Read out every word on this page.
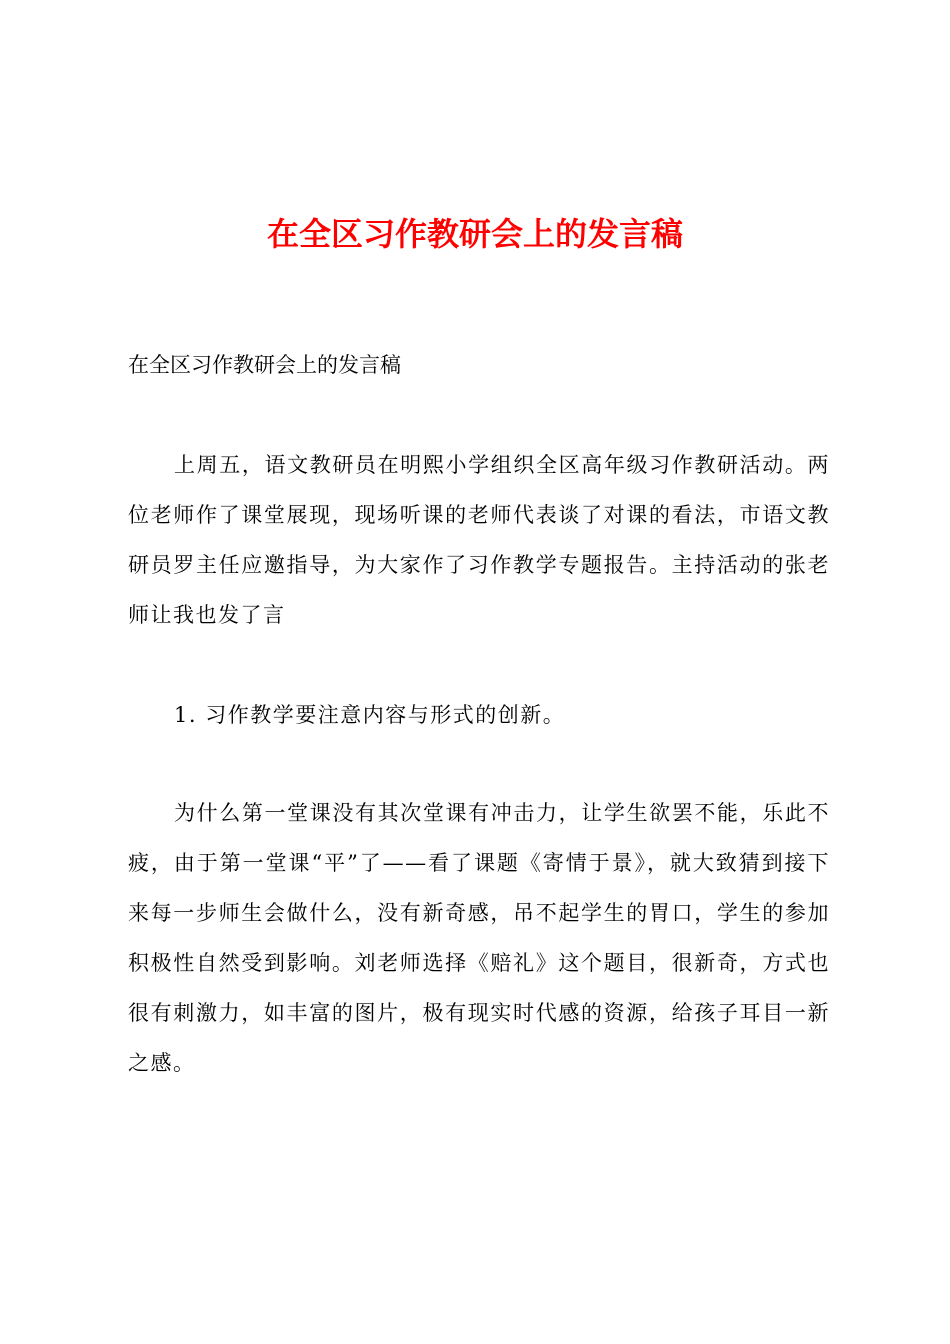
在全区习作教研会上的发言稿

在全区习作教研会上的发言稿

上周五，语文教研员在明熙小学组织全区高年级习作教研活动。两位老师作了课堂展现，现场听课的老师代表谈了对课的看法，市语文教研员罗主任应邀指导，为大家作了习作教学专题报告。主持活动的张老师让我也发了言

1. 习作教学要注意内容与形式的创新。

为什么第一堂课没有其次堂课有冲击力，让学生欲罢不能，乐此不疲，由于第一堂课“平”了——看了课题《寄情于景》，就大致猜到接下来每一步师生会做什么，没有新奇感，吊不起学生的胃口，学生的参加积极性自然受到影响。刘老师选择《赔礼》这个题目，很新奇，方式也很有刺激力，如丰富的图片，极有现实时代感的资源，给孩子耳目一新之感。
